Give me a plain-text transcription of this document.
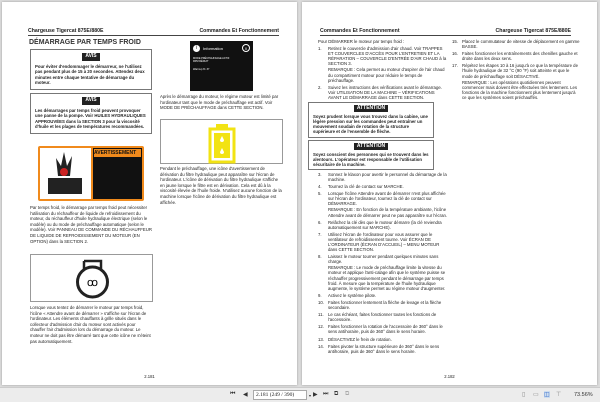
Chargeuse Tigercat 875E/880E	Commandes Et Fonctionnement
DÉMARRAGE PAR TEMPS FROID
AVIS
Pour éviter d'endommager le démarreur, ne l'utilisez pas pendant plus de 15 à 20 secondes. Attendez deux minutes entre chaque tentative de démarrage du moteur.
AVIS
Les démarrages par temps froid peuvent provoquer une panne de la pompe. Voir HUILES HYDRAULIQUES APPROUVÉES dans la SECTION 3 pour la viscosité d'huile et les plages de températures recommandées.
AVERTISSEMENT
Par temps froid, le démarrage par temps froid peut nécessiter l'utilisation du réchauffeur de liquide de refroidissement du moteur, du réchauffeur d'huile hydraulique électrique (selon le modèle) ou du mode de préchauffage automatique (selon le modèle). Voir PANNEAU DE COMMANDE DU RÉCHAUFFEUR DE LIQUIDE DE REFROIDISSEMENT DU MOTEUR (EN OPTION) dans la SECTION 2.
ꝏ
Lorsque vous tentez de démarrer le moteur par temps froid, l'icône « Attendre avant de démarrer » s'affiche sur l'écran de l'ordinateur. Les éléments chauffants à grille situés dans le collecteur d'admission d'air du moteur sont activés pour chauffer l'air d'admission lors du démarrage du moteur. Le moteur ne doit pas être démarré tant que cette icône ne s'éteint pas automatiquement.
i	Information	X
MODE PRÉCHAUFFAGE ACTIF
RPM RÉDUIT
Warmup %: 37
Après le démarrage du moteur, le régime moteur est limité par l'ordinateur tant que le mode de préchauffage est actif. Voir MODE DE PRÉCHAUFFAGE dans CETTE SECTION.
Pendant le préchauffage, une icône d'avertissement de dérivation du filtre hydraulique peut apparaître sur l'écran de l'ordinateur. L'icône de dérivation du filtre hydraulique s'affiche en jaune lorsque le filtre est en dérivation. Cela est dû à la viscosité élevée de l'huile froide. N'utilisez aucune fonction de la machine lorsque l'icône de dérivation du filtre hydraulique est affichée.
2.181
Commandes Et Fonctionnement	Chargeuse Tigercat 875E/880E
Pour DÉMARRER le moteur par temps froid :
1. Retirez le couvercle d'admission d'air chaud. Voir TRAPPES ET COUVERCLES D'ACCÈS POUR L'ENTRETIEN ET LA RÉPARATION – COUVERCLE D'ENTRÉE D'AIR CHAUD à la SECTION 3.
REMARQUE : Cela permet au moteur d'aspirer de l'air chaud du compartiment moteur pour réduire le temps de préchauffage.
2. Suivez les instructions des vérifications avant le démarrage. Voir UTILISATION DE LA MACHINE – VÉRIFICATIONS AVANT LE DÉMARRAGE dans CETTE SECTION.
ATTENTION
Soyez prudent lorsque vous trouvez dans la cabine, une légère pression sur les commandes peut entraîner un mouvement soudain de rotation de la structure supérieure et de l'ensemble de flèche.
ATTENTION
Soyez conscient des personnes qui se trouvent dans les alentours. L'opérateur est responsable de l'utilisation sécuritaire de la machine.
3. Sonnez le klaxon pour avertir le personnel du démarrage de la machine.
4. Tournez la clé de contact sur MARCHE.
5. Lorsque l'icône Attendre avant de démarrer n'est plus affichée sur l'écran de l'ordinateur, tournez la clé de contact sur DÉMARRAGE.
REMARQUE : En fonction de la température ambiante, l'icône Attendre avant de démarrer peut ne pas apparaître sur l'écran.
6. Relâchez la clé dès que le moteur démarre (la clé reviendra automatiquement sur MARCHE).
7. Utilisez l'écran de l'ordinateur pour vous assurer que le ventilateur de refroidissement tourne. Voir ÉCRAN DE L'ORDINATEUR (ÉCRAN D'ACCUEIL) – MENU MOTEUR dans CETTE SECTION.
8. Laissez le moteur tourner pendant quelques minutes sans charge.
REMARQUE : Le mode de préchauffage limite la vitesse du moteur et applique l'anti-calage afin que le système puisse se réchauffer progressivement pendant le démarrage par temps froid. À mesure que la température de l'huile hydraulique augmente, le système permet au régime moteur d'augmenter.
9. Activez le système pilote.
10. Faites fonctionner lentement la flèche de levage et la flèche secondaire.
11. Le cas échéant, faites fonctionner toutes les fonctions de l'accessoire.
12. Faites fonctionner la rotation de l'accessoire de 360° dans le sens antihoraire, puis de 360° dans le sens horaire.
13. DÉSACTIVEZ le frein de rotation.
14. Faites pivoter la structure supérieure de 360° dans le sens antihoraire, puis de 360° dans le sens horaire.
15. Placez le commutateur de vitesse de déplacement en gamme BASSE.
16. Faites fonctionner les entraînements des chenilles gauche et droite dans les deux sens.
17. Répétez les étapes 10 à 16 jusqu'à ce que la température de l'huile hydraulique de 32 °C (90 °F) soit atteinte et que le mode de préchauffage soit DÉSACTIVÉ.
REMARQUE : Les opérations quotidiennes peuvent commencer mais doivent être effectuées très lentement. Les fonctions de la machine fonctionnent plus lentement jusqu'à ce que les systèmes soient préchauffés.
2.182
⏮ ◀	2.181 (249 / 390)	▾ ▶ ⏭ ⧉ ⧉	▯ ▭ ◫ ⊤ 73.56%
